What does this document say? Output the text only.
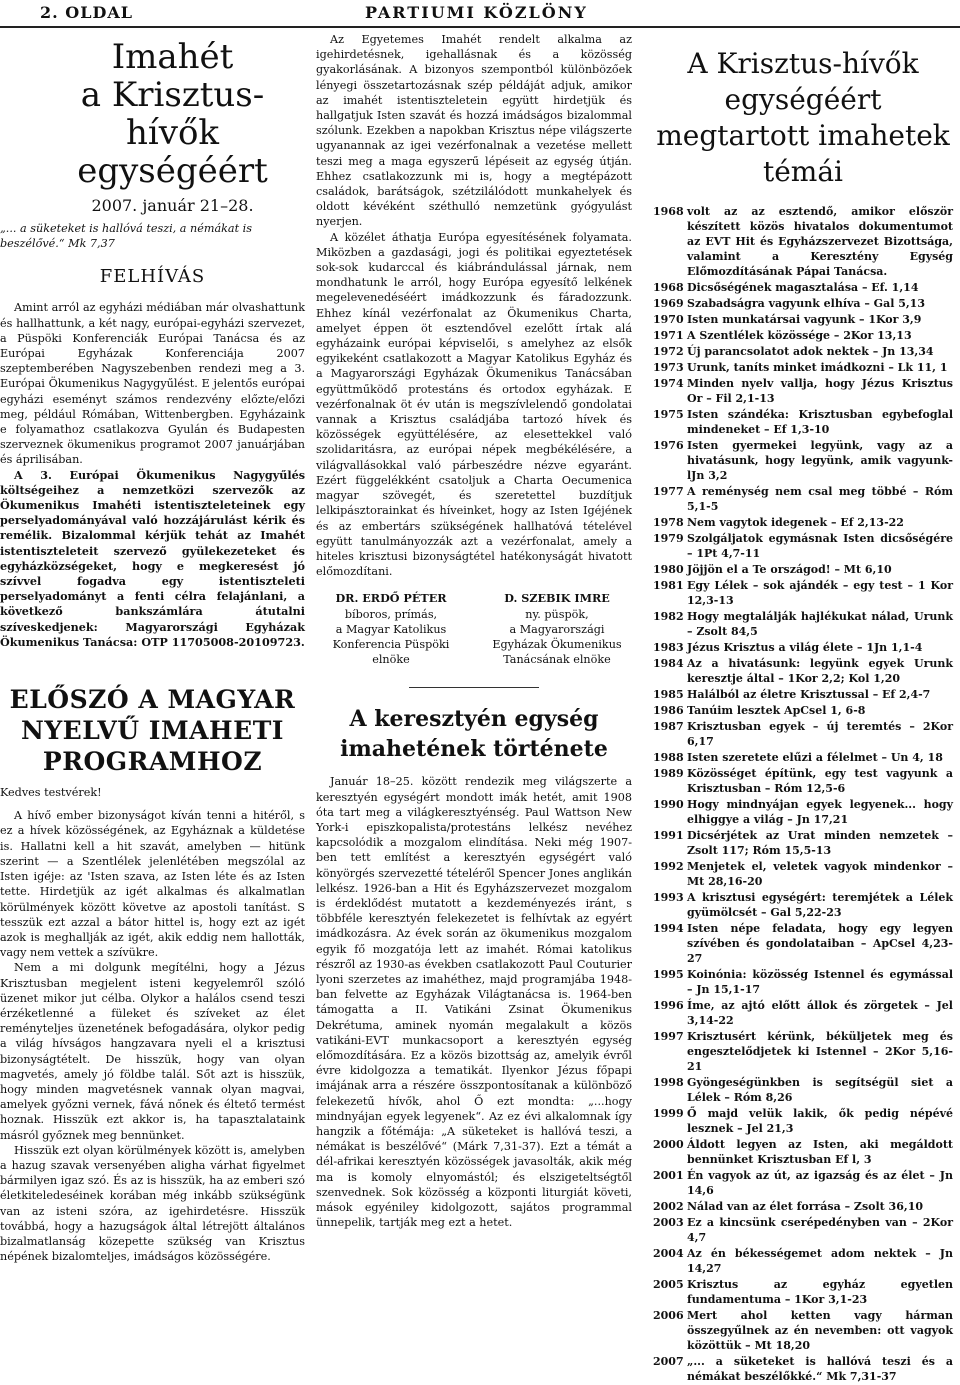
2. OLDAL	PARTIUMI KÖZLÖNY
Imahét
a Krisztus-hívők
egységéért
2007. január 21–28.
„... a süketeket is hallóvá teszi, a némákat is beszélővé.“ Mk 7,37
FELHÍVÁS

Amint arról az egyházi médiában már olvashattunk és hallhattunk, a két nagy, európai-egyházi szervezet, a Püspöki Konferenciák Európai Tanácsa és az Európai Egyházak Konferenciája 2007 szeptemberében Nagyszebenben rendezi meg a 3. Európai Ökumenikus Nagygyűlést. E jelentős európai egyházi eseményt számos rendezvény előzte/előzi meg, például Rómában, Wittenbergben. Egyházaink e folyamathoz csatlakozva Gyulán és Budapesten szerveznek ökumenikus programot 2007 januárjában és áprilisában.

A 3. Európai Ökumenikus Nagygyűlés költségeihez a nemzetközi szervezők az Ökumenikus Imahéti istentiszteleteinek egy perselyadományával való hozzájárulást kérik és remélik. Bizalommal kérjük tehát az Imahét istentiszteleteit szervező gyülekezeteket és egyházközségeket, hogy e megkeresést jó szívvel fogadva egy istentiszteleti perselyadományt a fenti célra felajánlani, a következő bankszámlára átutalni szíveskedjenek: Magyarországi Egyházak Ökumenikus Tanácsa: OTP 11705008-20109723.

ELŐSZÓ A MAGYAR NYELVŰ IMAHETI PROGRAMHOZ
Kedves testvérek!

A hívő ember bizonyságot kíván tenni a hitéről, s ez a hívek közösségének, az Egyháznak a küldetése is. Hallatni kell a hit szavát, amelyben — hitünk szerint — a Szentlélek jelenlétében megszólal az Isten igéje: az 'Isten szava, az Isten léte és az Isten tette. Hirdetjük az igét alkalmas és alkalmatlan körülmények között követve az apostoli tanítást. S tesszük ezt azzal a bátor hittel is, hogy ezt az igét azok is meghallják az igét, akik eddig nem hallották, vagy nem vettek a szívükre.

Nem a mi dolgunk megítélni, hogy a Jézus Krisztusban megjelent isteni kegyelemről szóló üzenet mikor jut célba. Olykor a halálos csend teszi érzéketlenné a füleket és szíveket az élet reményteljes üzenetének befogadására, olykor pedig a világ hívságos hangzavara nyeli el a krisztusi bizonyságtételt. De hisszük, hogy van olyan magvetés, amely jó földbe talál. Sőt azt is hisszük, hogy minden magvetésnek vannak olyan magvai, amelyek győzni vernek, fává nőnek és éltető termést hoznak. Hisszük ezt akkor is, ha tapasztalataink másról győznek meg bennünket.

Hisszük ezt olyan körülmények között is, amelyben a hazug szavak versenyében aligha várhat figyelmet bármilyen igaz szó. És az is hisszük, ha az emberi szó életkiteledeséinek korában még inkább szükségünk van az isteni szóra, az igehirdetésre. Hisszük továbbá, hogy a hazugságok által létrejött általános bizalmatlanság közepette szükség van Krisztus népének bizalomteljes, imádságos közösségére.

Az Egyetemes Imahét rendelt alkalma az igehirdetésnek, igehallásnak és a közösség gyakorlásának. A bizonyos szempontból különbözőek lényegi összetartozásnak szép példáját adjuk, amikor az imahét istentiszteletein együtt hirdetjük és hallgatjuk Isten szavát és hozzá imádságos bizalommal szólunk. Ezekben a napokban Krisztus népe világszerte ugyanannak az igei vezérfonalnak a vezetése mellett teszi meg a maga egyszerű lépéseit az egység útján. Ehhez csatlakozzunk mi is, hogy a megtépázott családok, barátságok, szétzilálódott munkahelyek és oldott kévéként széthulló nemzetünk gyógyulást nyerjen.

A közélet áthatja Európa egyesítésének folyamata. Miközben a gazdasági, jogi és politikai egyeztetések sok-sok kudarccal és kiábrándulással járnak, nem mondhatunk le arról, hogy Európa egyesítő lelkének megelevenedéséért imádkozzunk és fáradozzunk. Ehhez kínál vezérfonalat az Ökumenikus Charta, amelyet éppen öt esztendővel ezelőtt írtak alá egyházaink európai képviselői, s amelyhez az elsők egyikeként csatlakozott a Magyar Katolikus Egyház és a Magyarországi Egyházak Ökumenikus Tanácsában együttműködő protestáns és ortodox egyházak. E vezérfonalnak öt év után is megszívlelendő gondolatai vannak a Krisztus családjába tartozó hívek és közösségek együttélésére, az elesettekkel való szolidaritásra, az európai népek megbékélésére, a világvallásokkal való párbeszédre nézve egyaránt. Ezért függelékként csatoljuk a Charta Oecumenica magyar szövegét, és szeretettel buzdítjuk lelkipásztorainkat és híveinket, hogy az Isten Igéjének és az embertárs szükségének hallhatóvá tételével együtt tanulmányozzák azt a vezérfonalat, amely a hiteles krisztusi bizonyságtétel hatékonyságát hivatott előmozdítani.

DR. ERDŐ PÉTER
bíboros, prímás,
a Magyar Katolikus Konferencia Püspöki elnöke
D. SZEBIK IMRE
ny. püspök,
a Magyarországi Egyházak Ökumenikus Tanácsának elnöke
A keresztyén egység imahetének története

Január 18–25. között rendezik meg világszerte a keresztyén egységért mondott imák hetét, amit 1908 óta tart meg a világkeresztyénség. Paul Wattson New York-i episzkopalista/protestáns lelkész nevéhez kapcsolódik a mozgalom elindítása. Neki még 1907-ben tett említést a keresztyén egységért való könyörgés szervezetté tételéről Spencer Jones anglikán lelkész. 1926-ban a Hit és Egyházszervezet mozgalom is érdeklődést mutatott a kezdeményezés iránt, s többféle keresztyén felekezetet is felhívtak az egyért imádkozásra. Az évek során az ökumenikus mozgalom egyik fő mozgatója lett az imahét. Római katolikus részről az 1930-as években csatlakozott Paul Couturier lyoni szerzetes az imahéthez, majd programjába 1948-ban felvette az Egyházak Világtanácsa is. 1964-ben támogatta a II. Vatikáni Zsinat Ökumenikus Dekrétuma, aminek nyomán megalakult a közös vatikáni-EVT munkacsoport a keresztyén egység előmozdítására. Ez a közös bizottság az, amelyik évről évre kidolgozza a tematikát. Ilyenkor Jézus főpapi imájának arra a részére összpontosítanak a különböző felekezetű hívők, ahol Ő ezt mondta: „...hogy mindnyájan egyek legyenek“. Az ez évi alkalomnak így hangzik a főtémája: „A süketeket is hallóvá teszi, a némákat is beszélővé“ (Márk 7,31-37). Ezt a témát a dél-afrikai keresztyén közösségek javasolták, akik még ma is komoly elnyomástól; és elszigeteltségtől szenvednek. Sok közösség a központi liturgiát követi, mások egyéniley kidolgozott, sajátos programmal ünnepelik, tartják meg ezt a hetet.

A Krisztus-hívők egységéért megtartott imahetek témái
1968 volt az az esztendő, amikor először készített közös hivatalos dokumentumot az EVT Hit és Egyházszervezet Bizottsága, valamint a Keresztény Egység Előmozdításának Pápai Tanácsa.
1968 Dicsőségének magasztalása – Ef. 1,14
1969 Szabadságra vagyunk elhíva – Gal 5,13
1970 Isten munkatársai vagyunk – 1Kor 3,9
1971 A Szentlélek közössége – 2Kor 13,13
1972 Új parancsolatot adok nektek – Jn 13,34
1973 Urunk, taníts minket imádkozni – Lk 11, 1
1974 Minden nyelv vallja, hogy Jézus Krisztus Or – Fil 2,1-13
1975 Isten szándéka: Krisztusban egybefoglal mindeneket – Ef 1,3-10
1976 Isten gyermekei legyünk, vagy az a hivatásunk, hogy legyünk, amik vagyunk- lJn 3,2
1977 A reménység nem csal meg többé – Róm 5,1-5
1978 Nem vagytok idegenek – Ef 2,13-22
1979 Szolgáljatok egymásnak Isten dicsőségére – 1Pt 4,7-11
1980 Jöjjön el a Te országod! – Mt 6,10
1981 Egy Lélek – sok ajándék – egy test – 1 Kor 12,3-13
1982 Hogy megtalálják hajlékukat nálad, Urunk – Zsolt 84,5
1983 Jézus Krisztus a világ élete – 1Jn 1,1-4
1984 Az a hivatásunk: legyünk egyek Urunk keresztje által – 1Kor 2,2; Kol 1,20
1985 Halálból az életre Krisztussal – Ef 2,4-7
1986 Tanúim lesztek ApCsel 1, 6-8
1987 Krisztusban egyek – új teremtés – 2Kor 6,17
1988 Isten szeretete elűzi a félelmet – Un 4, 18
1989 Közösséget építünk, egy test vagyunk a Krisztusban – Róm 12,5-6
1990 Hogy mindnyájan egyek legyenek... hogy elhiggye a világ – Jn 17,21
1991 Dicsérjétek az Urat minden nemzetek – Zsolt 117; Róm 15,5-13
1992 Menjetek el, veletek vagyok mindenkor – Mt 28,16-20
1993 A krisztusi egységért: teremjétek a Lélek gyümölcsét – Gal 5,22-23
1994 Isten népe feladata, hogy egy legyen szívében és gondolataiban – ApCsel 4,23-27
1995 Koinónia: közösség Istennel és egymással – Jn 15,1-17
1996 Íme, az ajtó előtt állok és zörgetek – Jel 3,14-22
1997 Krisztusért kérünk, béküljetek meg és engesztelődjetek ki Istennel – 2Kor 5,16-21
1998 Gyöngeségünkben is segítségül siet a Lélek – Róm 8,26
1999 Ő majd velük lakik, ők pedig népévé lesznek – Jel 21,3
2000 Áldott legyen az Isten, aki megáldott bennünket Krisztusban Ef l, 3
2001 Én vagyok az út, az igazság és az élet – Jn 14,6
2002 Nálad van az élet forrása – Zsolt 36,10
2003 Ez a kincsünk cserépedényben van – 2Kor 4,7
2004 Az én békességemet adom nektek – Jn 14,27
2005 Krisztus az egyház egyetlen fundamentuma – 1Kor 3,1-23
2006 Mert ahol ketten vagy hárman összegyűlnek az én nevemben: ott vagyok közöttük – Mt 18,20
2007 „... a süketeket is hallóvá teszi és a némákat beszélőkké.“ Mk 7,31-37
